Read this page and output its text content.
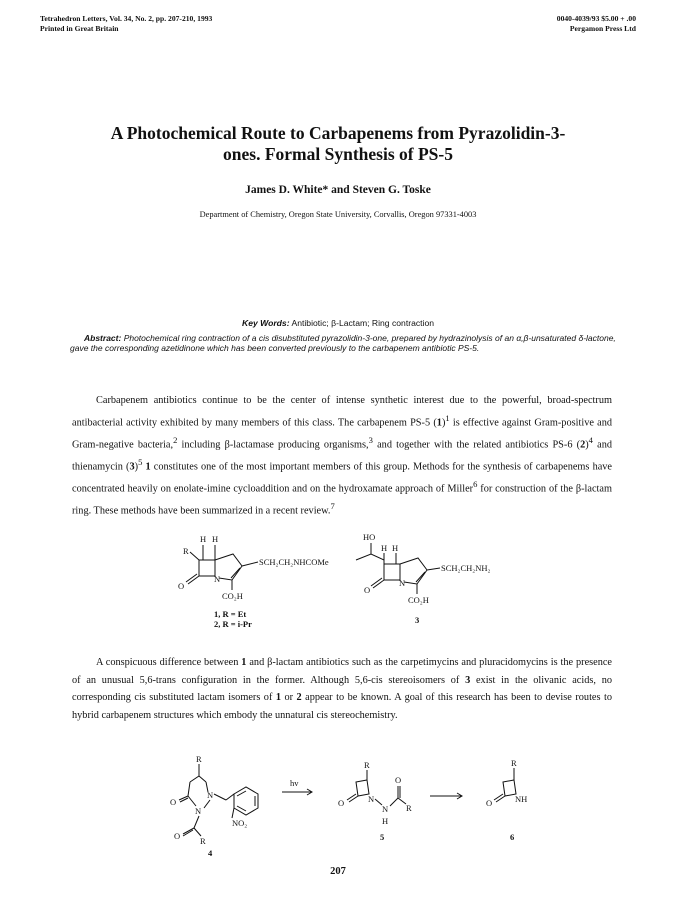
Tetrahedron Letters, Vol. 34, No. 2, pp. 207-210, 1993
Printed in Great Britain
0040-4039/93 $5.00 + .00
Pergamon Press Ltd
A Photochemical Route to Carbapenems from Pyrazolidin-3-
ones. Formal Synthesis of PS-5
James D. White* and Steven G. Toske
Department of Chemistry, Oregon State University, Corvallis, Oregon 97331-4003
Key Words: Antibiotic; β-Lactam; Ring contraction
Abstract: Photochemical ring contraction of a cis disubstituted pyrazolidin-3-one, prepared by hydrazinolysis of an α,β-unsaturated δ-lactone, gave the corresponding azetidinone which has been converted previously to the carbapenem antibiotic PS-5.
Carbapenem antibiotics continue to be the center of intense synthetic interest due to the powerful, broad-spectrum antibacterial activity exhibited by many members of this class. The carbapenem PS-5 $(1)^1$ is effective against Gram-positive and Gram-negative bacteria,$^2$ including β-lactamase producing organisms,$^3$ and together with the related antibiotics PS-6 $(2)^4$ and thienamycin $(3)^5$ 1 constitutes one of the most important members of this group. Methods for the synthesis of carbapenems have concentrated heavily on enolate-imine cycloaddition and on the hydroxamate approach of Miller$^6$ for construction of the β-lactam ring. These methods have been summarized in a recent review.$^7$
H H
R
O
N
SCH₂CH₂NHCOMe
CO₂H
1, R = Et
2, R = i-Pr
HO
H H
O
N
SCH₂CH₂NH₂
CO₂H
3
A conspicuous difference between 1 and β-lactam antibiotics such as the carpetimycins and pluracidomycins is the presence of an unusual 5,6-trans configuration in the former. Although 5,6-cis stereoisomers of 3 exist in the olivanic acids, no corresponding cis substituted lactam isomers of 1 or 2 appear to be known. A goal of this research has been to devise routes to hybrid carbapenem structures which embody the unnatural cis stereochemistry.
R
N
O
N
NO₂
O R
4
hv
R
O	N
N
H
O
R
5
R
O	NH
6
207
